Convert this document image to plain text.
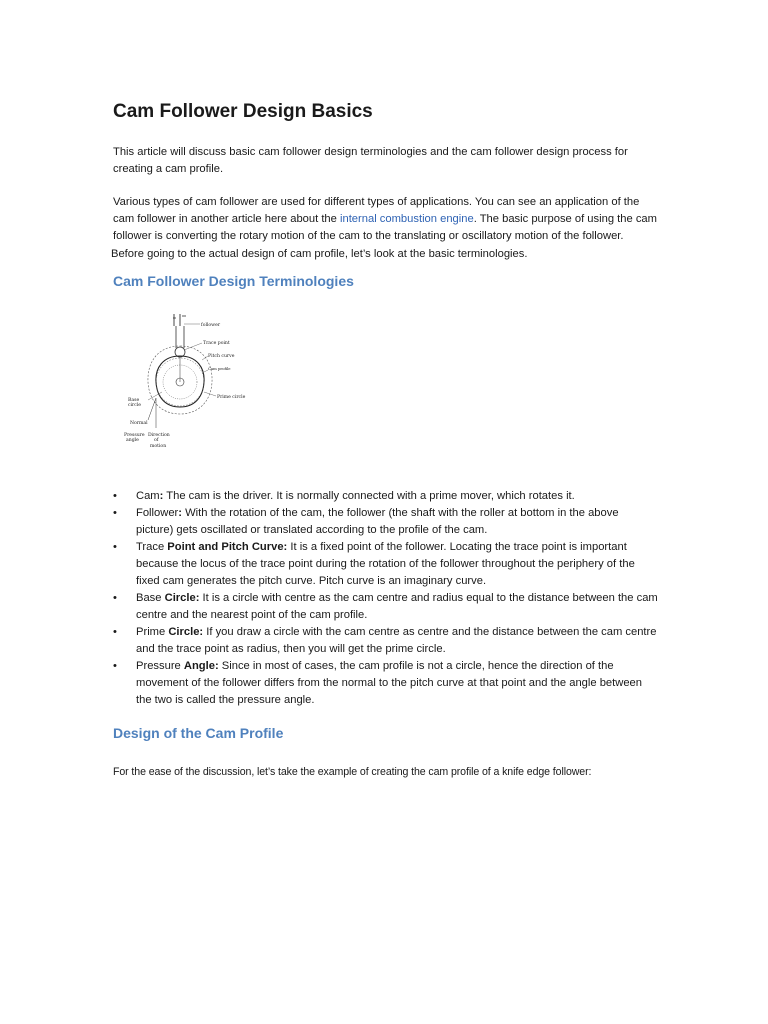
Cam Follower Design Basics

This article will discuss basic cam follower design terminologies and the cam follower design process for creating a cam profile.

Various types of cam follower are used for different types of applications. You can see an application of the cam follower in another article here about the internal combustion engine. The basic purpose of using the cam follower is converting the rotary motion of the cam to the translating or oscillatory motion of the follower.

Before going to the actual design of cam profile, let’s look at the basic terminologies.

Cam Follower Design Terminologies
follower
Trace point
Pitch curve
Cam profile
Prime circle
Base
circle
Normal
Pressure
angle
Direction
of
motion
•	Cam: The cam is the driver. It is normally connected with a prime mover, which rotates it.
•	Follower: With the rotation of the cam, the follower (the shaft with the roller at bottom in the above picture) gets oscillated or translated according to the profile of the cam.
•	Trace Point and Pitch Curve: It is a fixed point of the follower. Locating the trace point is important because the locus of the trace point during the rotation of the follower throughout the periphery of the fixed cam generates the pitch curve. Pitch curve is an imaginary curve.
•	Base Circle: It is a circle with centre as the cam centre and radius equal to the distance between the cam centre and the nearest point of the cam profile.
•	Prime Circle: If you draw a circle with the cam centre as centre and the distance between the cam centre and the trace point as radius, then you will get the prime circle.
•	Pressure Angle: Since in most of cases, the cam profile is not a circle, hence the direction of the movement of the follower differs from the normal to the pitch curve at that point and the angle between the two is called the pressure angle.
Design of the Cam Profile

For the ease of the discussion, let’s take the example of creating the cam profile of a knife edge follower:
